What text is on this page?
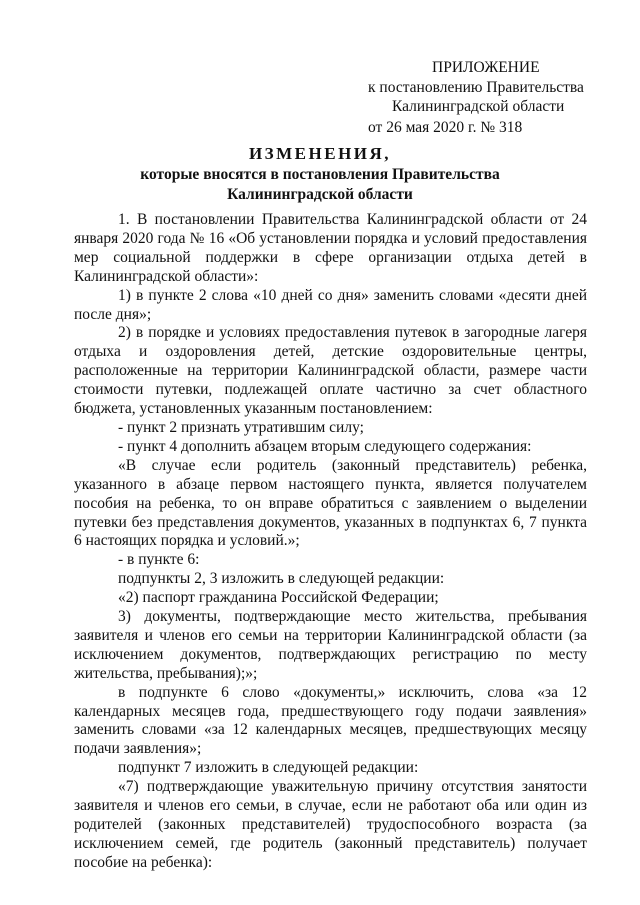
ПРИЛОЖЕНИЕ
к постановлению Правительства
Калининградской области
от 26 мая 2020 г. № 318
ИЗМЕНЕНИЯ,
которые вносятся в постановления Правительства
Калининградской области

1. В постановлении Правительства Калининградской области от 24 января 2020 года № 16 «Об установлении порядка и условий предоставления мер социальной поддержки в сфере организации отдыха детей в Калининградской области»:

1) в пункте 2 слова «10 дней со дня» заменить словами «десяти дней после дня»;

2) в порядке и условиях предоставления путевок в загородные лагеря отдыха и оздоровления детей, детские оздоровительные центры, расположенные на территории Калининградской области, размере части стоимости путевки, подлежащей оплате частично за счет областного бюджета, установленных указанным постановлением:

- пункт 2 признать утратившим силу;

- пункт 4 дополнить абзацем вторым следующего содержания:

«В случае если родитель (законный представитель) ребенка, указанного в абзаце первом настоящего пункта, является получателем пособия на ребенка, то он вправе обратиться с заявлением о выделении путевки без представления документов, указанных в подпунктах 6, 7 пункта 6 настоящих порядка и условий.»;

- в пункте 6:

подпункты 2, 3 изложить в следующей редакции:

«2) паспорт гражданина Российской Федерации;

3) документы, подтверждающие место жительства, пребывания заявителя и членов его семьи на территории Калининградской области (за исключением документов, подтверждающих регистрацию по месту жительства, пребывания);»;

в подпункте 6 слово «документы,» исключить, слова «за 12 календарных месяцев года, предшествующего году подачи заявления» заменить словами «за 12 календарных месяцев, предшествующих месяцу подачи заявления»;

подпункт 7 изложить в следующей редакции:

«7) подтверждающие уважительную причину отсутствия занятости заявителя и членов его семьи, в случае, если не работают оба или один из родителей (законных представителей) трудоспособного возраста (за исключением семей, где родитель (законный представитель) получает пособие на ребенка):
